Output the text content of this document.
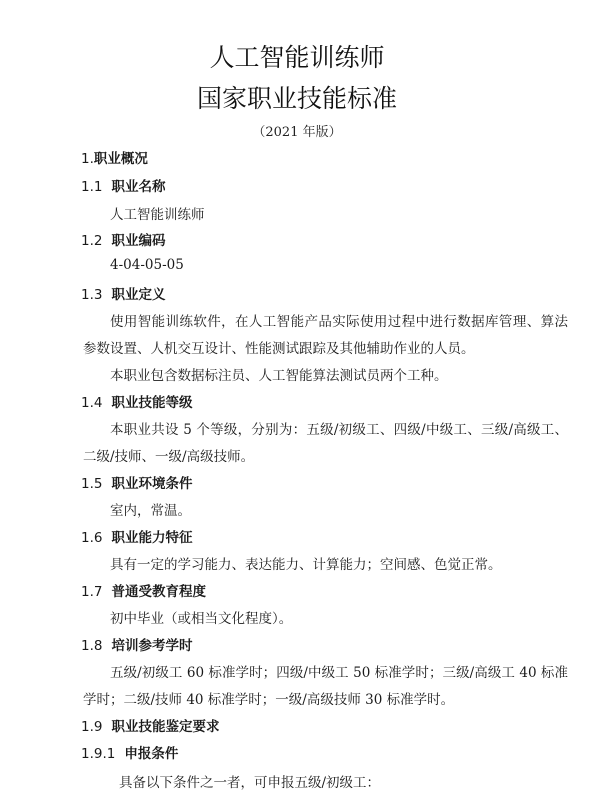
人工智能训练师
国家职业技能标准
（2021 年版）
1.职业概况
1.1 职业名称
人工智能训练师
1.2 职业编码
4-04-05-05
1.3 职业定义
使用智能训练软件，在人工智能产品实际使用过程中进行数据库管理、算法
参数设置、人机交互设计、性能测试跟踪及其他辅助作业的人员。
本职业包含数据标注员、人工智能算法测试员两个工种。
1.4 职业技能等级
本职业共设 5 个等级，分别为：五级/初级工、四级/中级工、三级/高级工、
二级/技师、一级/高级技师。
1.5 职业环境条件
室内，常温。
1.6 职业能力特征
具有一定的学习能力、表达能力、计算能力；空间感、色觉正常。
1.7 普通受教育程度
初中毕业（或相当文化程度）。
1.8 培训参考学时
五级/初级工 60 标准学时；四级/中级工 50 标准学时；三级/高级工 40 标准
学时；二级/技师 40 标准学时；一级/高级技师 30 标准学时。
1.9 职业技能鉴定要求
1.9.1 申报条件
具备以下条件之一者，可申报五级/初级工：
